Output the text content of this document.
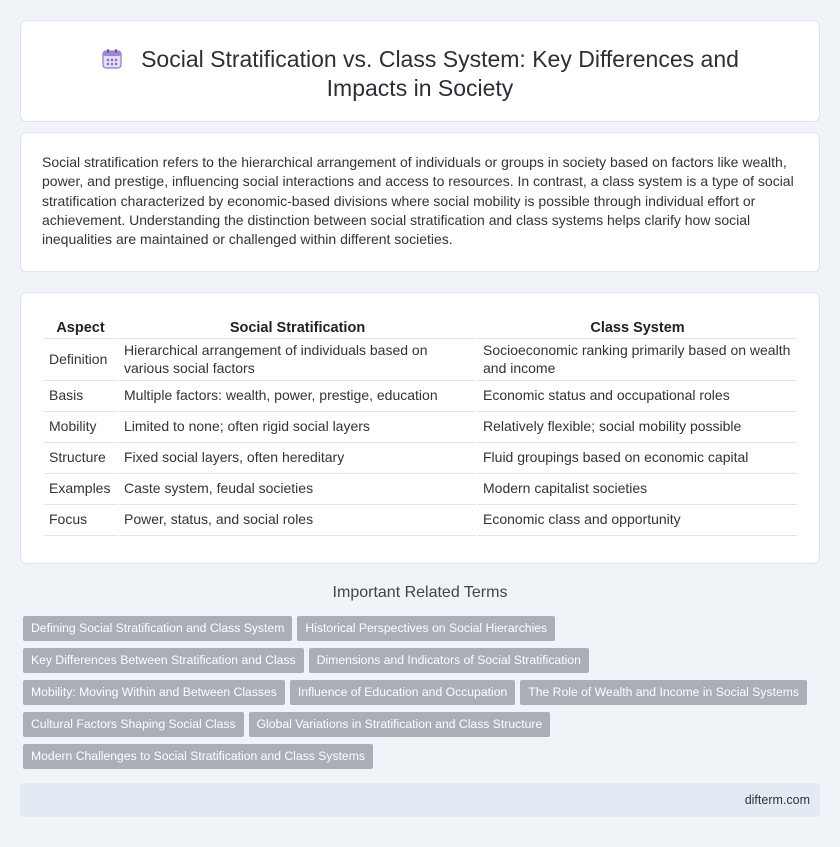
Social Stratification vs. Class System: Key Differences and Impacts in Society

Social stratification refers to the hierarchical arrangement of individuals or groups in society based on factors like wealth, power, and prestige, influencing social interactions and access to resources. In contrast, a class system is a type of social stratification characterized by economic-based divisions where social mobility is possible through individual effort or achievement. Understanding the distinction between social stratification and class systems helps clarify how social inequalities are maintained or challenged within different societies.

Aspect	Social Stratification	Class System
Definition	Hierarchical arrangement of individuals based on various social factors	Socioeconomic ranking primarily based on wealth and income
Basis	Multiple factors: wealth, power, prestige, education	Economic status and occupational roles
Mobility	Limited to none; often rigid social layers	Relatively flexible; social mobility possible
Structure	Fixed social layers, often hereditary	Fluid groupings based on economic capital
Examples	Caste system, feudal societies	Modern capitalist societies
Focus	Power, status, and social roles	Economic class and opportunity
Important Related Terms
Defining Social Stratification and Class System Historical Perspectives on Social Hierarchies
Key Differences Between Stratification and Class Dimensions and Indicators of Social Stratification
Mobility: Moving Within and Between Classes Influence of Education and Occupation The Role of Wealth and Income in Social Systems
Cultural Factors Shaping Social Class Global Variations in Stratification and Class Structure
Modern Challenges to Social Stratification and Class Systems
difterm.com
